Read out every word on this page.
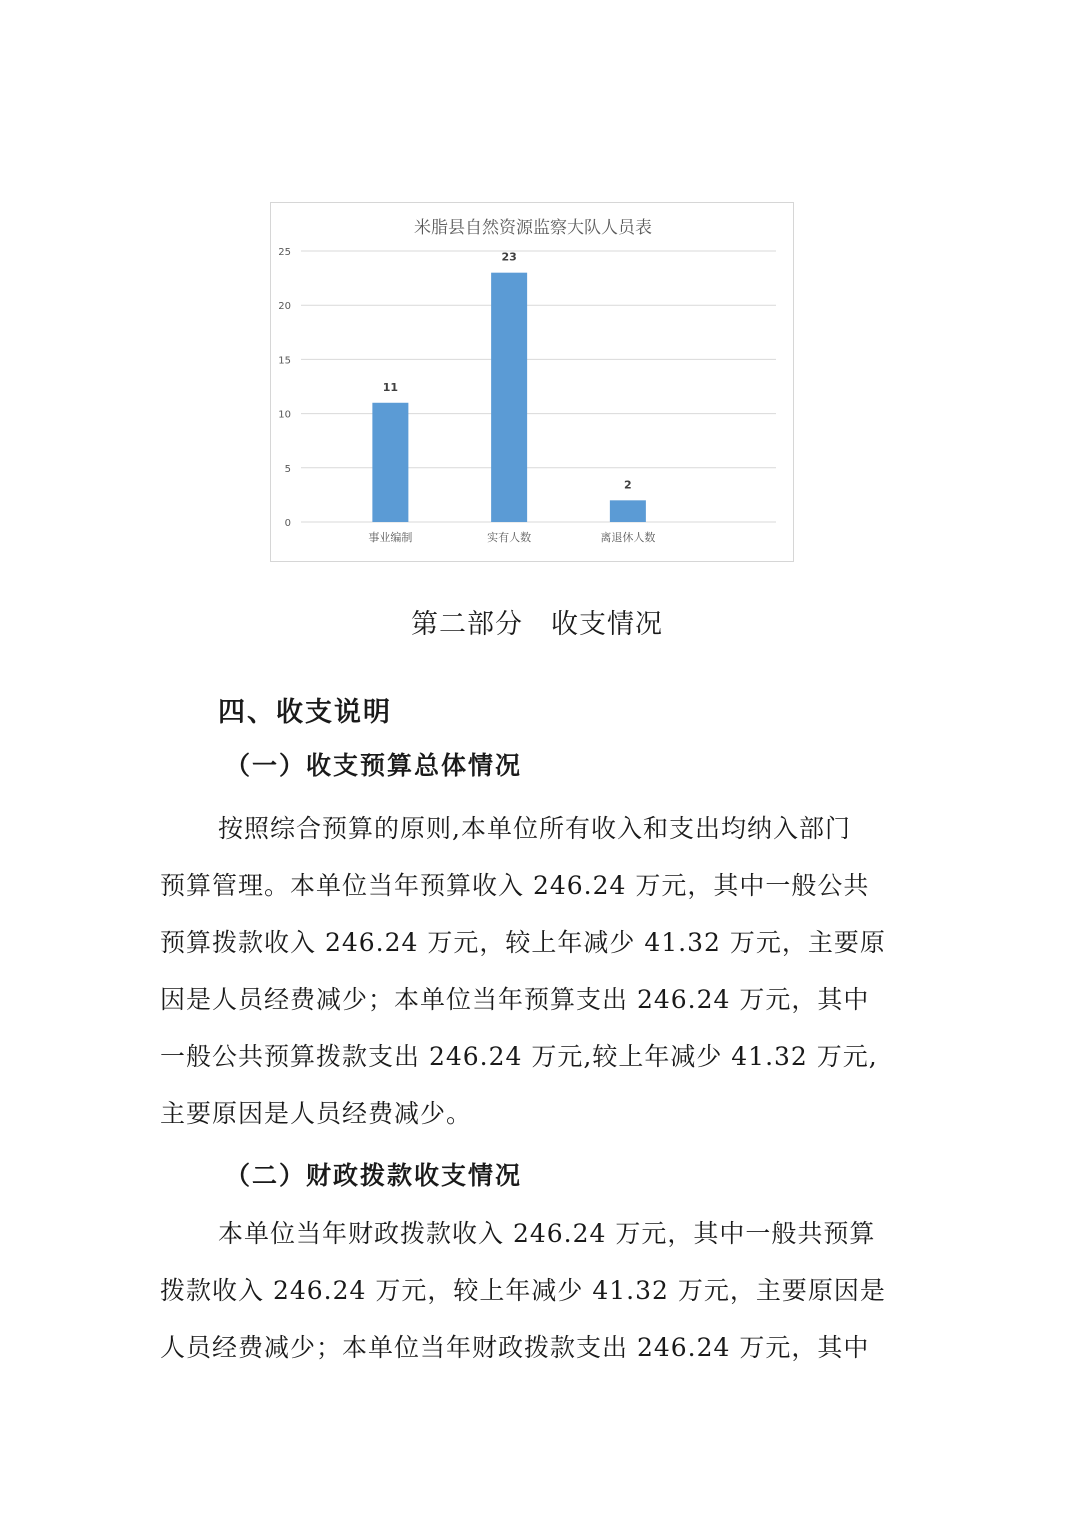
米脂县自然资源监察大队人员表
0
5
10
15
20
25
11
事业编制
23
实有人数
2
离退休人数
第二部分　收支情况
四、收支说明
（一）收支预算总体情况
按照综合预算的原则,本单位所有收入和支出均纳入部门
预算管理。本单位当年预算收入 246.24 万元，其中一般公共
预算拨款收入 246.24 万元，较上年减少 41.32 万元，主要原
因是人员经费减少；本单位当年预算支出 246.24 万元，其中
一般公共预算拨款支出 246.24 万元,较上年减少 41.32 万元,
主要原因是人员经费减少。
（二）财政拨款收支情况
本单位当年财政拨款收入 246.24 万元，其中一般共预算
拨款收入 246.24 万元，较上年减少 41.32 万元，主要原因是
人员经费减少；本单位当年财政拨款支出 246.24 万元，其中
